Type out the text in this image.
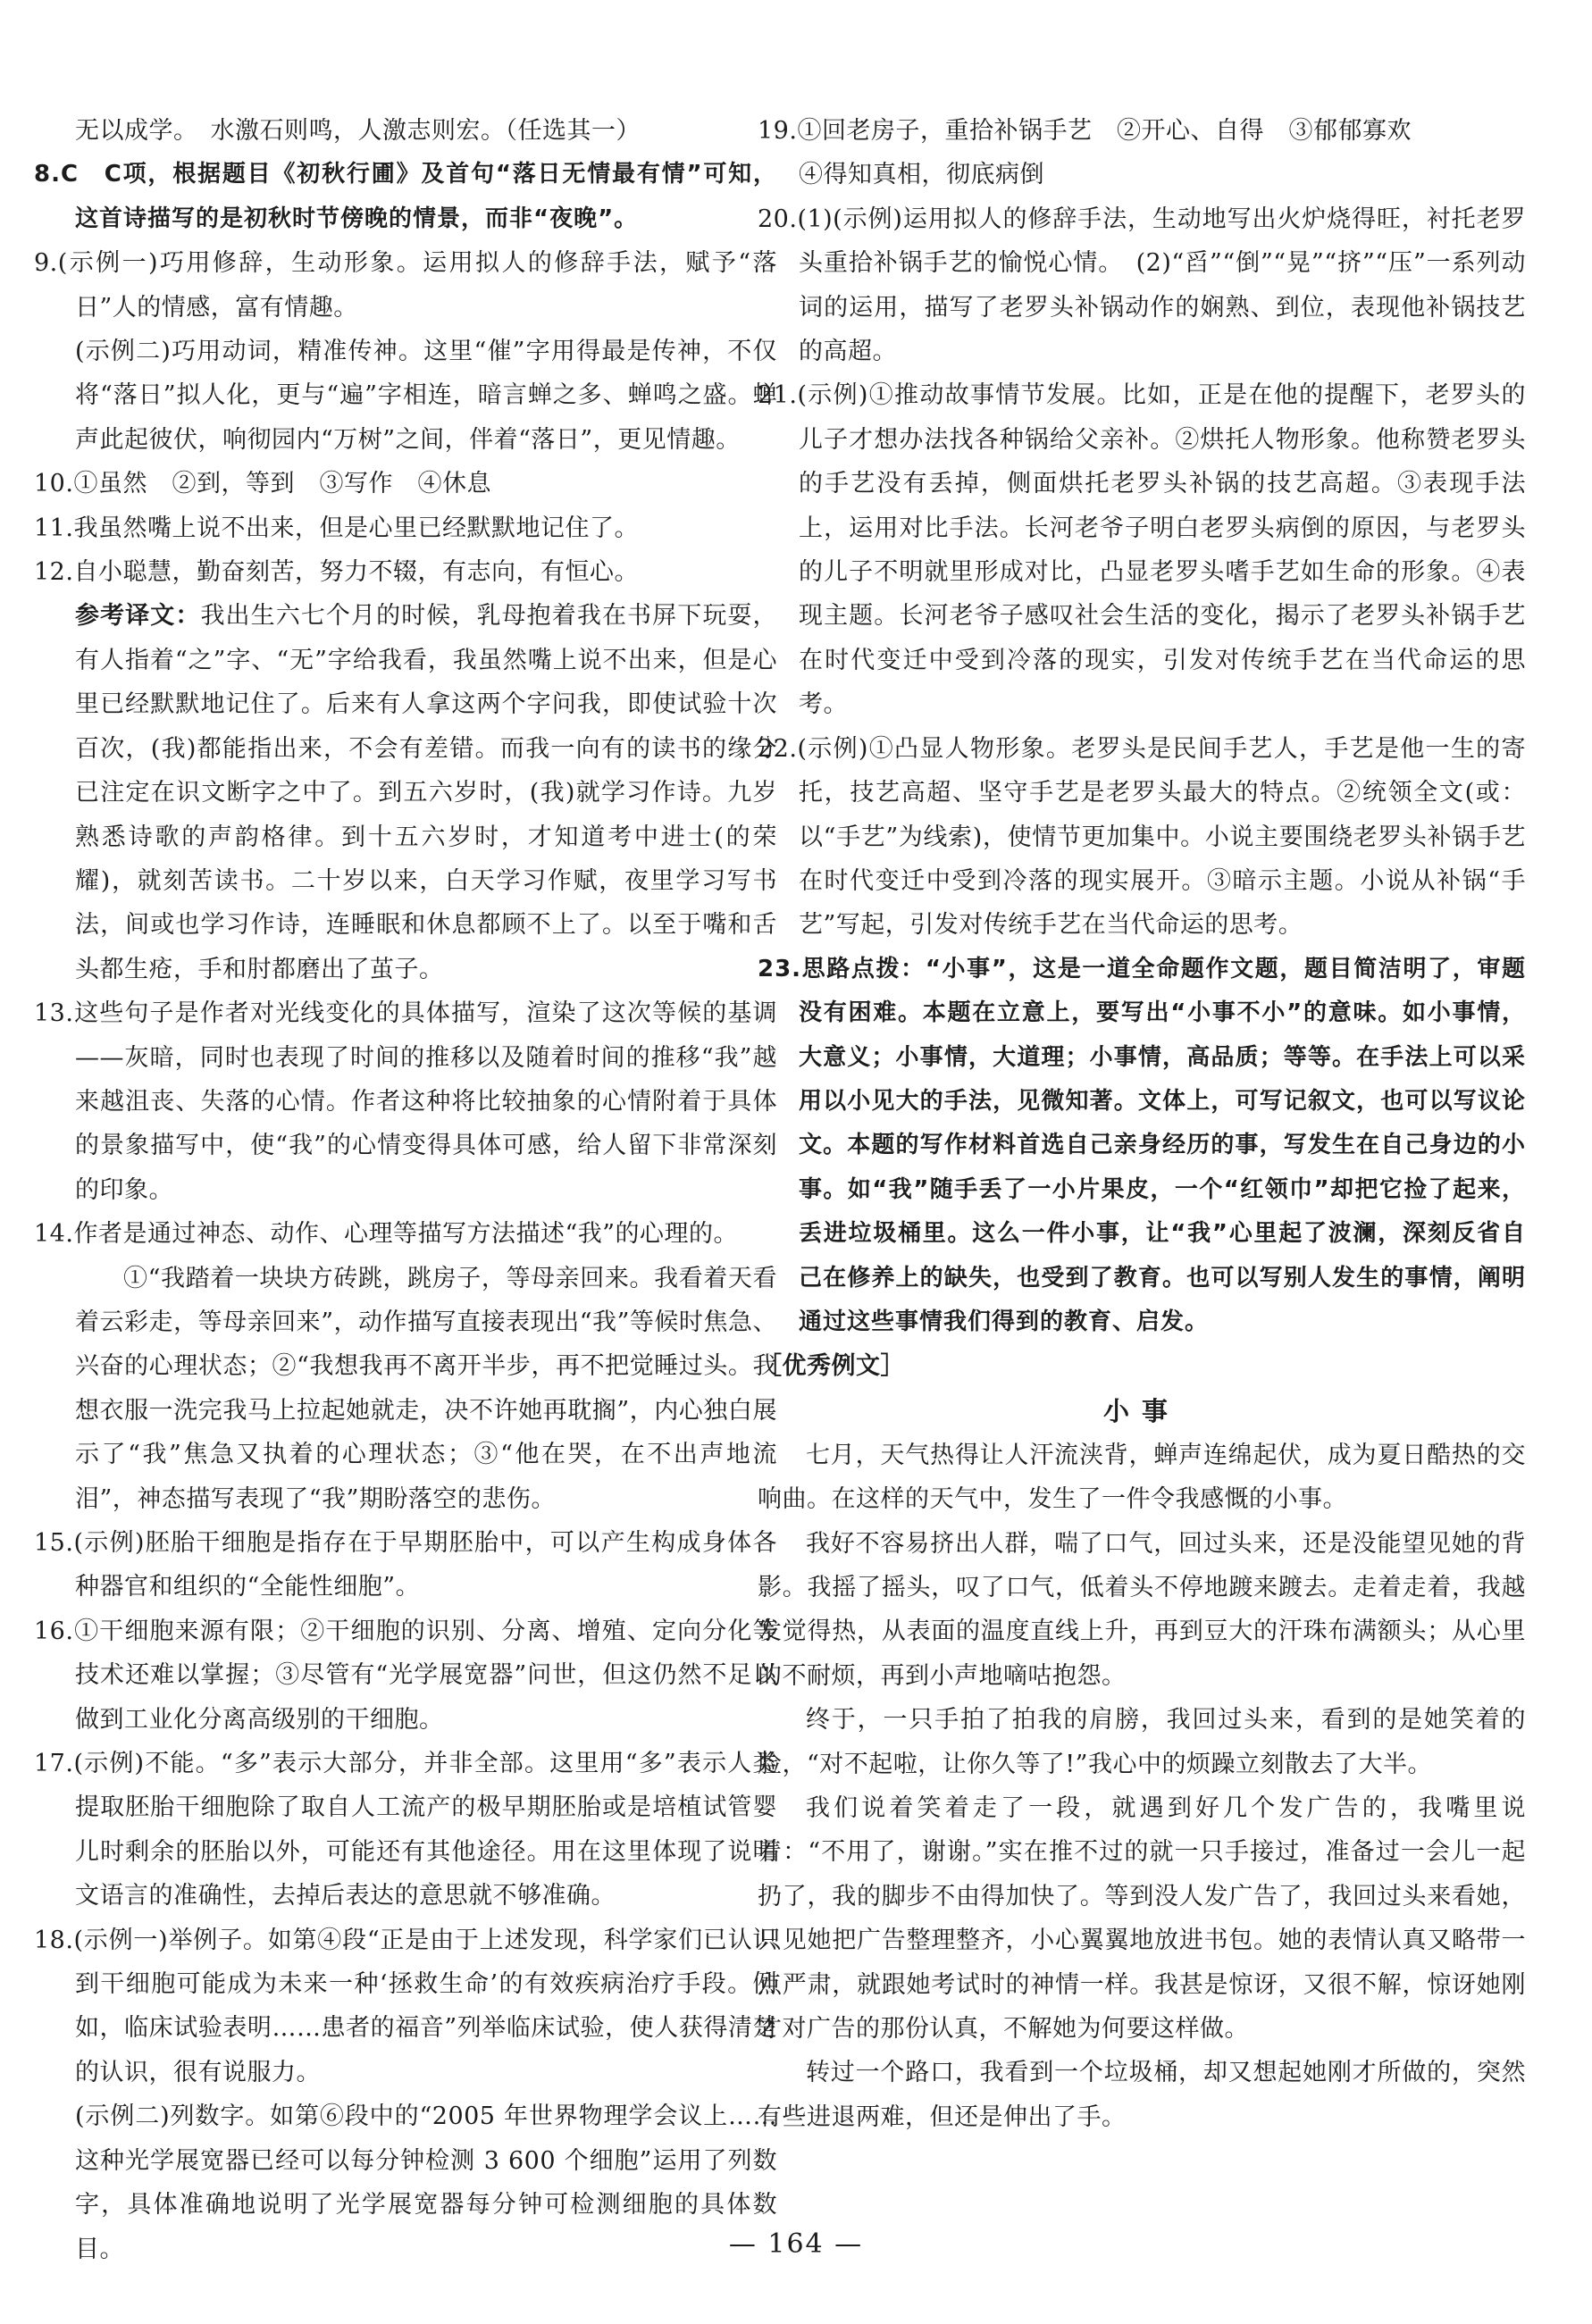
无以成学。　水激石则鸣，人激志则宏。（任选其一）

8.C　C项，根据题目《初秋行圃》及首句“落日无情最有情”可知，这首诗描写的是初秋时节傍晚的情景，而非“夜晚”。

9.(示例一)巧用修辞，生动形象。运用拟人的修辞手法，赋予“落日”人的情感，富有情趣。

(示例二)巧用动词，精准传神。这里“催”字用得最是传神，不仅将“落日”拟人化，更与“遍”字相连，暗言蝉之多、蝉鸣之盛。蝉声此起彼伏，响彻园内“万树”之间，伴着“落日”，更见情趣。

10.①虽然　②到，等到　③写作　④休息

11.我虽然嘴上说不出来，但是心里已经默默地记住了。

12.自小聪慧，勤奋刻苦，努力不辍，有志向，有恒心。

参考译文：我出生六七个月的时候，乳母抱着我在书屏下玩耍，有人指着“之”字、“无”字给我看，我虽然嘴上说不出来，但是心里已经默默地记住了。后来有人拿这两个字问我，即使试验十次百次，(我)都能指出来，不会有差错。而我一向有的读书的缘分已注定在识文断字之中了。到五六岁时，(我)就学习作诗。九岁熟悉诗歌的声韵格律。到十五六岁时，才知道考中进士(的荣耀)，就刻苦读书。二十岁以来，白天学习作赋，夜里学习写书法，间或也学习作诗，连睡眠和休息都顾不上了。以至于嘴和舌头都生疮，手和肘都磨出了茧子。

13.这些句子是作者对光线变化的具体描写，渲染了这次等候的基调——灰暗，同时也表现了时间的推移以及随着时间的推移“我”越来越沮丧、失落的心情。作者这种将比较抽象的心情附着于具体的景象描写中，使“我”的心情变得具体可感，给人留下非常深刻的印象。

14.作者是通过神态、动作、心理等描写方法描述“我”的心理的。

①“我踏着一块块方砖跳，跳房子，等母亲回来。我看着天看着云彩走，等母亲回来”，动作描写直接表现出“我”等候时焦急、兴奋的心理状态；②“我想我再不离开半步，再不把觉睡过头。我想衣服一洗完我马上拉起她就走，决不许她再耽搁”，内心独白展示了“我”焦急又执着的心理状态；③“他在哭，在不出声地流泪”，神态描写表现了“我”期盼落空的悲伤。

15.(示例)胚胎干细胞是指存在于早期胚胎中，可以产生构成身体各种器官和组织的“全能性细胞”。

16.①干细胞来源有限；②干细胞的识别、分离、增殖、定向分化等技术还难以掌握；③尽管有“光学展宽器”问世，但这仍然不足以做到工业化分离高级别的干细胞。

17.(示例)不能。“多”表示大部分，并非全部。这里用“多”表示人类提取胚胎干细胞除了取自人工流产的极早期胚胎或是培植试管婴儿时剩余的胚胎以外，可能还有其他途径。用在这里体现了说明文语言的准确性，去掉后表达的意思就不够准确。

18.(示例一)举例子。如第④段“正是由于上述发现，科学家们已认识到干细胞可能成为未来一种‘拯救生命’的有效疾病治疗手段。例如，临床试验表明……患者的福音”列举临床试验，使人获得清楚的认识，很有说服力。

(示例二)列数字。如第⑥段中的“2005 年世界物理学会议上……这种光学展宽器已经可以每分钟检测 3 600 个细胞”运用了列数字，具体准确地说明了光学展宽器每分钟可检测细胞的具体数目。

19.①回老房子，重拾补锅手艺　②开心、自得　③郁郁寡欢

④得知真相，彻底病倒

20.(1)(示例)运用拟人的修辞手法，生动地写出火炉烧得旺，衬托老罗头重拾补锅手艺的愉悦心情。　(2)“舀”“倒”“晃”“挤”“压”一系列动词的运用，描写了老罗头补锅动作的娴熟、到位，表现他补锅技艺的高超。

21.(示例)①推动故事情节发展。比如，正是在他的提醒下，老罗头的儿子才想办法找各种锅给父亲补。②烘托人物形象。他称赞老罗头的手艺没有丢掉，侧面烘托老罗头补锅的技艺高超。③表现手法上，运用对比手法。长河老爷子明白老罗头病倒的原因，与老罗头的儿子不明就里形成对比，凸显老罗头嗜手艺如生命的形象。④表现主题。长河老爷子感叹社会生活的变化，揭示了老罗头补锅手艺在时代变迁中受到冷落的现实，引发对传统手艺在当代命运的思考。

22.(示例)①凸显人物形象。老罗头是民间手艺人，手艺是他一生的寄托，技艺高超、坚守手艺是老罗头最大的特点。②统领全文(或：以“手艺”为线索)，使情节更加集中。小说主要围绕老罗头补锅手艺在时代变迁中受到冷落的现实展开。③暗示主题。小说从补锅“手艺”写起，引发对传统手艺在当代命运的思考。

23.思路点拨：“小事”，这是一道全命题作文题，题目简洁明了，审题没有困难。本题在立意上，要写出“小事不小”的意味。如小事情，大意义；小事情，大道理；小事情，高品质；等等。在手法上可以采用以小见大的手法，见微知著。文体上，可写记叙文，也可以写议论文。本题的写作材料首选自己亲身经历的事，写发生在自己身边的小事。如“我”随手丢了一小片果皮，一个“红领巾”却把它捡了起来，丢进垃圾桶里。这么一件小事，让“我”心里起了波澜，深刻反省自己在修养上的缺失，也受到了教育。也可以写别人发生的事情，阐明通过这些事情我们得到的教育、启发。

［优秀例文］

小事

七月，天气热得让人汗流浃背，蝉声连绵起伏，成为夏日酷热的交响曲。在这样的天气中，发生了一件令我感慨的小事。

我好不容易挤出人群，喘了口气，回过头来，还是没能望见她的背影。我摇了摇头，叹了口气，低着头不停地踱来踱去。走着走着，我越发觉得热，从表面的温度直线上升，再到豆大的汗珠布满额头；从心里的不耐烦，再到小声地嘀咕抱怨。

终于，一只手拍了拍我的肩膀，我回过头来，看到的是她笑着的脸，“对不起啦，让你久等了!”我心中的烦躁立刻散去了大半。

我们说着笑着走了一段，就遇到好几个发广告的，我嘴里说着：“不用了，谢谢。”实在推不过的就一只手接过，准备过一会儿一起扔了，我的脚步不由得加快了。等到没人发广告了，我回过头来看她，只见她把广告整理整齐，小心翼翼地放进书包。她的表情认真又略带一点严肃，就跟她考试时的神情一样。我甚是惊讶，又很不解，惊讶她刚才对广告的那份认真，不解她为何要这样做。

转过一个路口，我看到一个垃圾桶，却又想起她刚才所做的，突然有些进退两难，但还是伸出了手。

— 164 —
